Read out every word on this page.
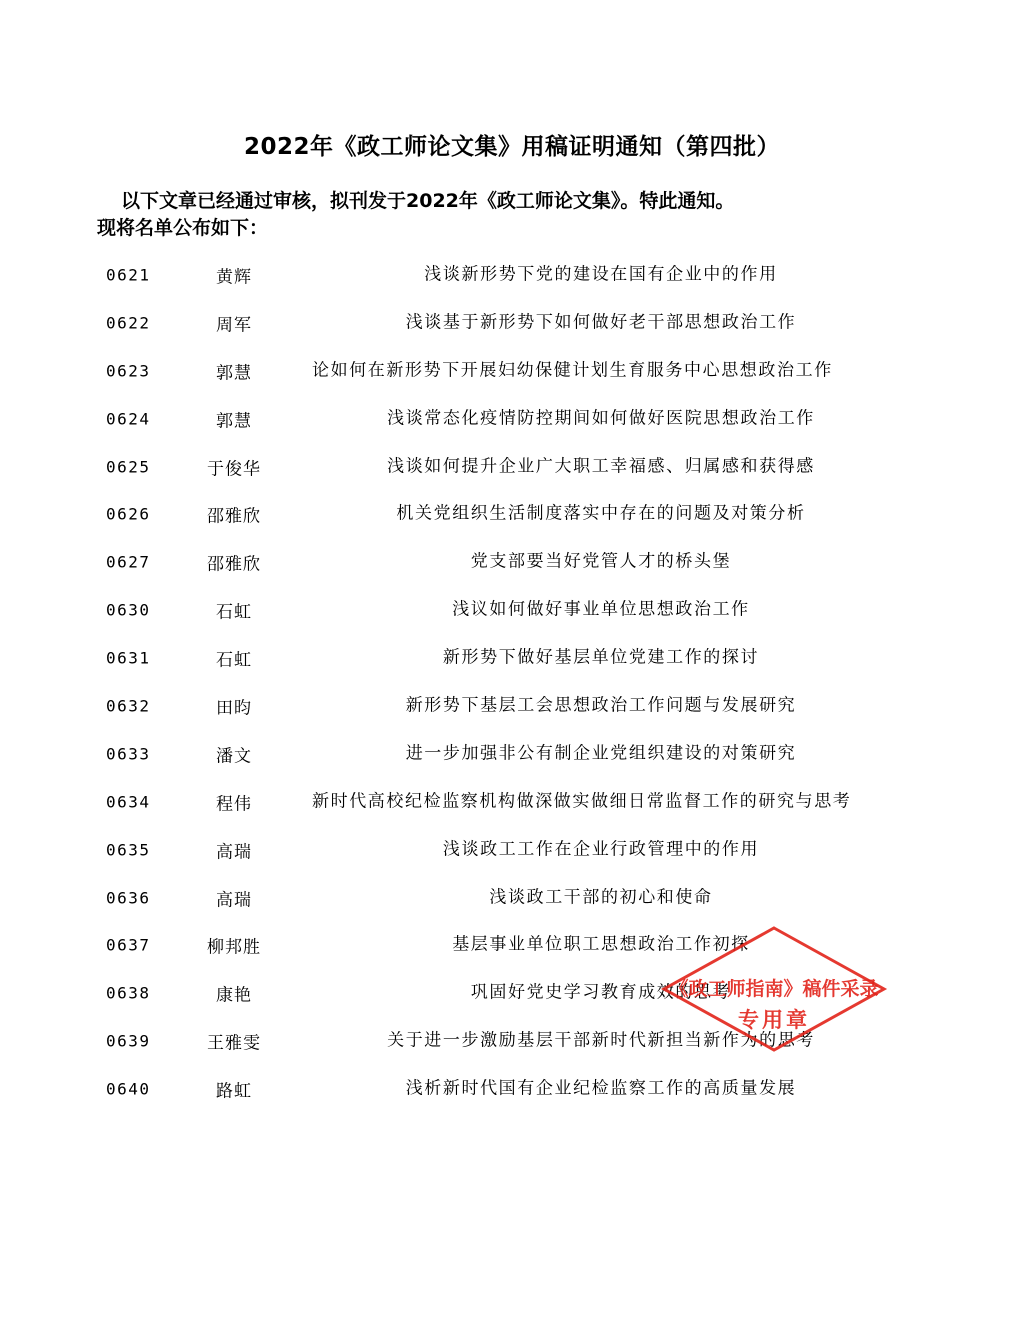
2022年《政工师论文集》用稿证明通知（第四批）
以下文章已经通过审核，拟刊发于2022年《政工师论文集》。特此通知。
现将名单公布如下：
0621	黄辉	浅谈新形势下党的建设在国有企业中的作用
0622	周军	浅谈基于新形势下如何做好老干部思想政治工作
0623	郭慧	论如何在新形势下开展妇幼保健计划生育服务中心思想政治工作
0624	郭慧	浅谈常态化疫情防控期间如何做好医院思想政治工作
0625	于俊华	浅谈如何提升企业广大职工幸福感、归属感和获得感
0626	邵雅欣	机关党组织生活制度落实中存在的问题及对策分析
0627	邵雅欣	党支部要当好党管人才的桥头堡
0630	石虹	浅议如何做好事业单位思想政治工作
0631	石虹	新形势下做好基层单位党建工作的探讨
0632	田昀	新形势下基层工会思想政治工作问题与发展研究
0633	潘文	进一步加强非公有制企业党组织建设的对策研究
0634	程伟	新时代高校纪检监察机构做深做实做细日常监督工作的研究与思考
0635	高瑞	浅谈政工工作在企业行政管理中的作用
0636	高瑞	浅谈政工干部的初心和使命
0637	柳邦胜	基层事业单位职工思想政治工作初探
0638	康艳	巩固好党史学习教育成效的思考
0639	王雅雯	关于进一步激励基层干部新时代新担当新作为的思考
0640	路虹	浅析新时代国有企业纪检监察工作的高质量发展
《政工师指南》稿件采录
专用章
